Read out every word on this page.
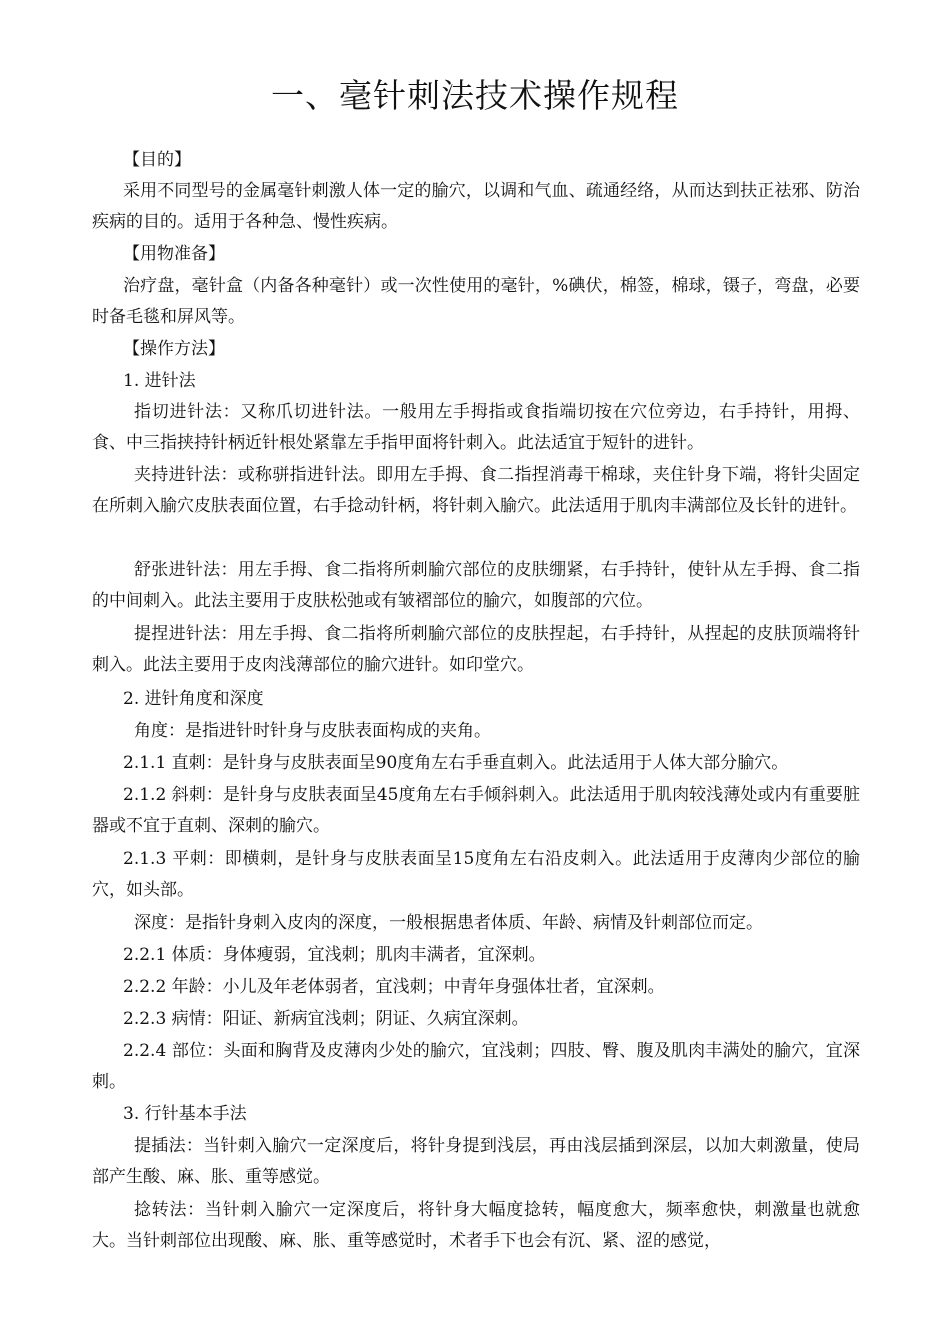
一、毫针刺法技术操作规程

【目的】

采用不同型号的金属毫针刺激人体一定的腧穴，以调和气血、疏通经络，从而达到扶正祛邪、防治疾病的目的。适用于各种急、慢性疾病。

【用物准备】

治疗盘，毫针盒（内备各种毫针）或一次性使用的毫针，%碘伏，棉签，棉球，镊子，弯盘，必要时备毛毯和屏风等。

【操作方法】

1. 进针法

指切进针法：又称爪切进针法。一般用左手拇指或食指端切按在穴位旁边，右手持针，用拇、食、中三指挟持针柄近针根处紧靠左手指甲面将针刺入。此法适宜于短针的进针。

夹持进针法：或称骈指进针法。即用左手拇、食二指捏消毒干棉球，夹住针身下端，将针尖固定在所刺入腧穴皮肤表面位置，右手捻动针柄，将针刺入腧穴。此法适用于肌肉丰满部位及长针的进针。

舒张进针法：用左手拇、食二指将所刺腧穴部位的皮肤绷紧，右手持针，使针从左手拇、食二指的中间刺入。此法主要用于皮肤松弛或有皱褶部位的腧穴，如腹部的穴位。

提捏进针法：用左手拇、食二指将所刺腧穴部位的皮肤捏起，右手持针，从捏起的皮肤顶端将针刺入。此法主要用于皮肉浅薄部位的腧穴进针。如印堂穴。

2. 进针角度和深度

角度：是指进针时针身与皮肤表面构成的夹角。

2.1.1 直刺：是针身与皮肤表面呈90度角左右手垂直刺入。此法适用于人体大部分腧穴。

2.1.2 斜刺：是针身与皮肤表面呈45度角左右手倾斜刺入。此法适用于肌肉较浅薄处或内有重要脏器或不宜于直刺、深刺的腧穴。

2.1.3 平刺：即横刺，是针身与皮肤表面呈15度角左右沿皮刺入。此法适用于皮薄肉少部位的腧穴，如头部。

深度：是指针身刺入皮肉的深度，一般根据患者体质、年龄、病情及针刺部位而定。

2.2.1 体质：身体瘦弱，宜浅刺；肌肉丰满者，宜深刺。

2.2.2 年龄：小儿及年老体弱者，宜浅刺；中青年身强体壮者，宜深刺。

2.2.3 病情：阳证、新病宜浅刺；阴证、久病宜深刺。

2.2.4 部位：头面和胸背及皮薄肉少处的腧穴，宜浅刺；四肢、臀、腹及肌肉丰满处的腧穴，宜深刺。

3. 行针基本手法

提插法：当针刺入腧穴一定深度后，将针身提到浅层，再由浅层插到深层，以加大刺激量，使局部产生酸、麻、胀、重等感觉。

捻转法：当针刺入腧穴一定深度后，将针身大幅度捻转，幅度愈大，频率愈快，刺激量也就愈大。当针刺部位出现酸、麻、胀、重等感觉时，术者手下也会有沉、紧、涩的感觉，
